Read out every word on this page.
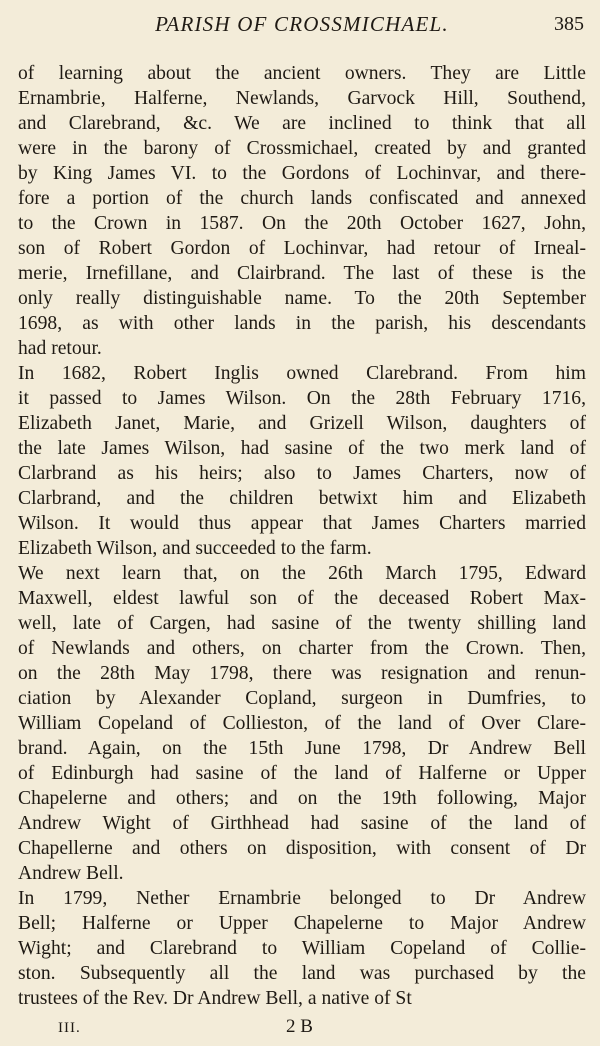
PARISH OF CROSSMICHAEL.	385
of learning about the ancient owners. They are Little
Ernambrie, Halferne, Newlands, Garvock Hill, Southend,
and Clarebrand, &c. We are inclined to think that all
were in the barony of Crossmichael, created by and granted
by King James VI. to the Gordons of Lochinvar, and there-
fore a portion of the church lands confiscated and annexed
to the Crown in 1587. On the 20th October 1627, John,
son of Robert Gordon of Lochinvar, had retour of Irneal-
merie, Irnefillane, and Clairbrand. The last of these is the
only really distinguishable name. To the 20th September
1698, as with other lands in the parish, his descendants
had retour.
In 1682, Robert Inglis owned Clarebrand. From him
it passed to James Wilson. On the 28th February 1716,
Elizabeth Janet, Marie, and Grizell Wilson, daughters of
the late James Wilson, had sasine of the two merk land of
Clarbrand as his heirs; also to James Charters, now of
Clarbrand, and the children betwixt him and Elizabeth
Wilson. It would thus appear that James Charters married
Elizabeth Wilson, and succeeded to the farm.
We next learn that, on the 26th March 1795, Edward
Maxwell, eldest lawful son of the deceased Robert Max-
well, late of Cargen, had sasine of the twenty shilling land
of Newlands and others, on charter from the Crown. Then,
on the 28th May 1798, there was resignation and renun-
ciation by Alexander Copland, surgeon in Dumfries, to
William Copeland of Collieston, of the land of Over Clare-
brand. Again, on the 15th June 1798, Dr Andrew Bell
of Edinburgh had sasine of the land of Halferne or Upper
Chapelerne and others; and on the 19th following, Major
Andrew Wight of Girthhead had sasine of the land of
Chapellerne and others on disposition, with consent of Dr
Andrew Bell.
In 1799, Nether Ernambrie belonged to Dr Andrew
Bell; Halferne or Upper Chapelerne to Major Andrew
Wight; and Clarebrand to William Copeland of Collie-
ston. Subsequently all the land was purchased by the
trustees of the Rev. Dr Andrew Bell, a native of St
III.	2 B
